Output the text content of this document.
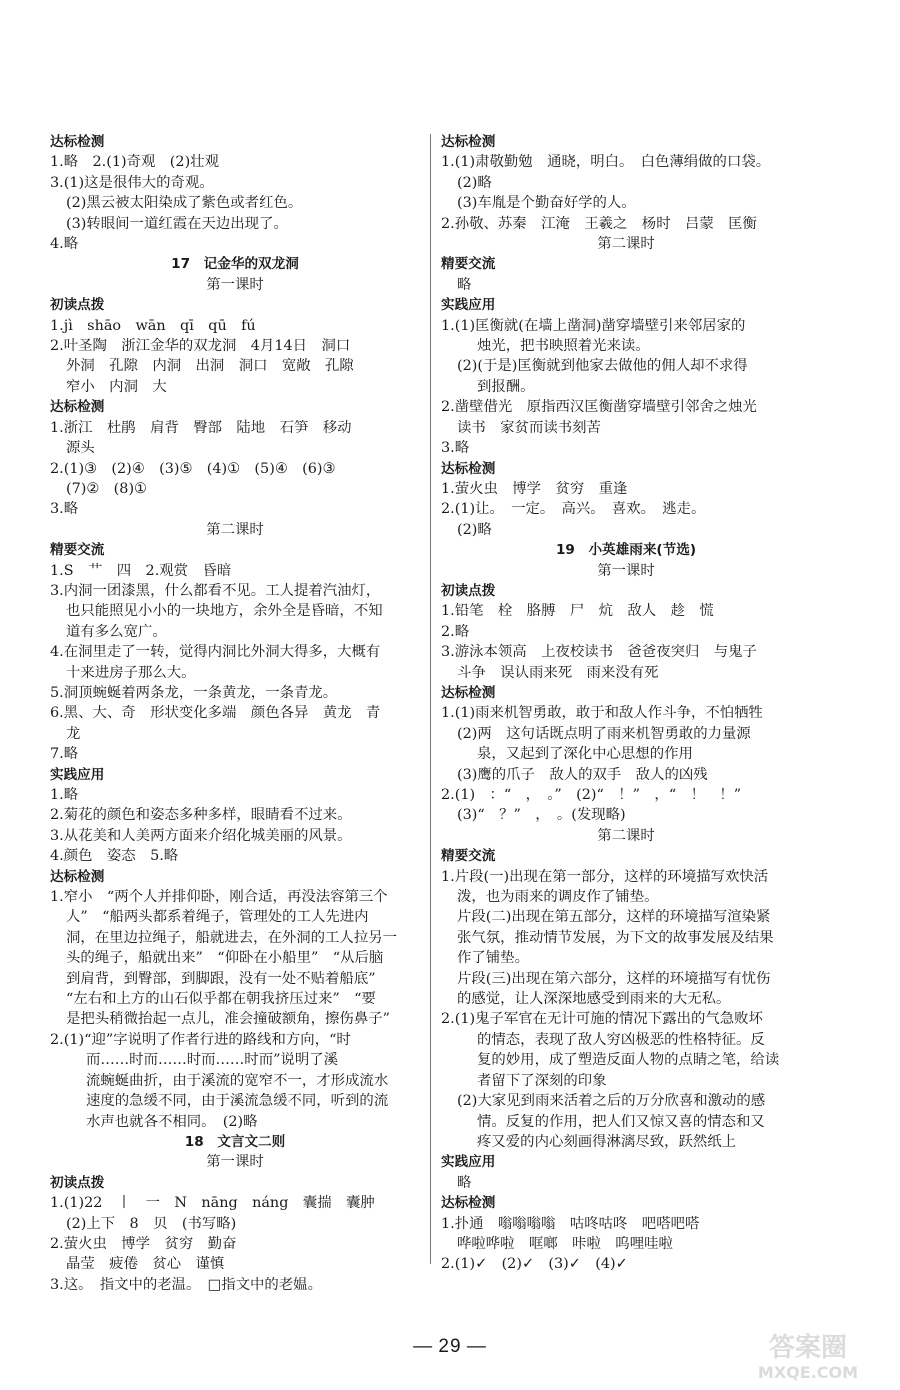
达标检测
1.略　2.(1)奇观　(2)壮观
3.(1)这是很伟大的奇观。
(2)黑云被太阳染成了紫色或者红色。
(3)转眼间一道红霞在天边出现了。
4.略
17　记金华的双龙洞
第一课时
初读点拨
1.jì　shāo　wān　qī　qū　fú
2.叶圣陶　浙江金华的双龙洞　4月14日　洞口
外洞　孔隙　内洞　出洞　洞口　宽敞　孔隙
窄小　内洞　大
达标检测
1.浙江　杜鹃　肩背　臀部　陆地　石笋　移动
源头
2.(1)③　(2)④　(3)⑤　(4)①　(5)④　(6)③
(7)②　(8)①
3.略
第二课时
精要交流
1.S　艹　四　2.观赏　昏暗
3.内洞一团漆黑，什么都看不见。工人提着汽油灯，
也只能照见小小的一块地方，余外全是昏暗，不知
道有多么宽广。
4.在洞里走了一转，觉得内洞比外洞大得多，大概有
十来进房子那么大。
5.洞顶蜿蜒着两条龙，一条黄龙，一条青龙。
6.黑、大、奇　形状变化多端　颜色各异　黄龙　青
龙
7.略
实践应用
1.略
2.菊花的颜色和姿态多种多样，眼睛看不过来。
3.从花美和人美两方面来介绍化城美丽的风景。
4.颜色　姿态　5.略
达标检测
1.窄小　“两个人并排仰卧，刚合适，再没法容第三个
人”　“船两头都系着绳子，管理处的工人先进内
洞，在里边拉绳子，船就进去，在外洞的工人拉另一
头的绳子，船就出来”　“仰卧在小船里”　“从后脑
到肩背，到臀部，到脚跟，没有一处不贴着船底”
“左右和上方的山石似乎都在朝我挤压过来”　“要
是把头稍微抬起一点儿，准会撞破额角，擦伤鼻子”
2.(1)“迎”字说明了作者行进的路线和方向，“时
而……时而……时而……时而”说明了溪
流蜿蜒曲折，由于溪流的宽窄不一，才形成流水
速度的急缓不同，由于溪流急缓不同，听到的流
水声也就各不相同。　(2)略
18　文言文二则
第一课时
初读点拨
1.(1)22　丨　一　N　nāng　náng　囊揣　囊肿
(2)上下　8　贝　(书写略)
2.萤火虫　博学　贫穷　勤奋
晶莹　疲倦　贫心　谨慎
3.这。　指文中的老温。　□指文中的老媪。
达标检测
1.(1)肃敬勤勉　通晓，明白。　白色薄绢做的口袋。
(2)略
(3)车胤是个勤奋好学的人。
2.孙敬、苏秦　江淹　王羲之　杨时　吕蒙　匡衡
第二课时
精要交流
略
实践应用
1.(1)匡衡就(在墙上凿洞)凿穿墙壁引来邻居家的
烛光，把书映照着光来读。
(2)(于是)匡衡就到他家去做他的佣人却不求得
到报酬。
2.凿壁借光　原指西汉匡衡凿穿墙壁引邻舍之烛光
读书　家贫而读书刻苦
3.略
达标检测
1.萤火虫　博学　贫穷　重逢
2.(1)让。　一定。　高兴。　喜欢。　逃走。
(2)略
19　小英雄雨来(节选)
第一课时
初读点拨
1.铅笔　栓　胳膊　尸　炕　敌人　趁　慌
2.略
3.游泳本领高　上夜校读书　爸爸夜突归　与鬼子
斗争　误认雨来死　雨来没有死
达标检测
1.(1)雨来机智勇敢，敢于和敌人作斗争，不怕牺牲
(2)两　这句话既点明了雨来机智勇敢的力量源
泉，又起到了深化中心思想的作用
(3)鹰的爪子　敌人的双手　敌人的凶残
2.(1)　：“　，　。”　(2)“　！”　，“　！　！”
(3)“　？”　，　。(发现略)
第二课时
精要交流
1.片段(一)出现在第一部分，这样的环境描写欢快活
泼，也为雨来的调皮作了铺垫。
片段(二)出现在第五部分，这样的环境描写渲染紧
张气氛，推动情节发展，为下文的故事发展及结果
作了铺垫。
片段(三)出现在第六部分，这样的环境描写有忧伤
的感觉，让人深深地感受到雨来的大无私。
2.(1)鬼子军官在无计可施的情况下露出的气急败坏
的情态，表现了敌人穷凶极恶的性格特征。反
复的妙用，成了塑造反面人物的点睛之笔，给读
者留下了深刻的印象
(2)大家见到雨来活着之后的万分欣喜和激动的感
情。反复的作用，把人们又惊又喜的情态和又
疼又爱的内心刻画得淋漓尽致，跃然纸上
实践应用
略
达标检测
1.扑通　嗡嗡嗡嗡　咕咚咕咚　吧嗒吧嗒
哗啦哗啦　哐啷　咔啦　呜哩哇啦
2.(1)✓　(2)✓　(3)✓　(4)✓
— 29 —	答案圈
MXQE.COM
